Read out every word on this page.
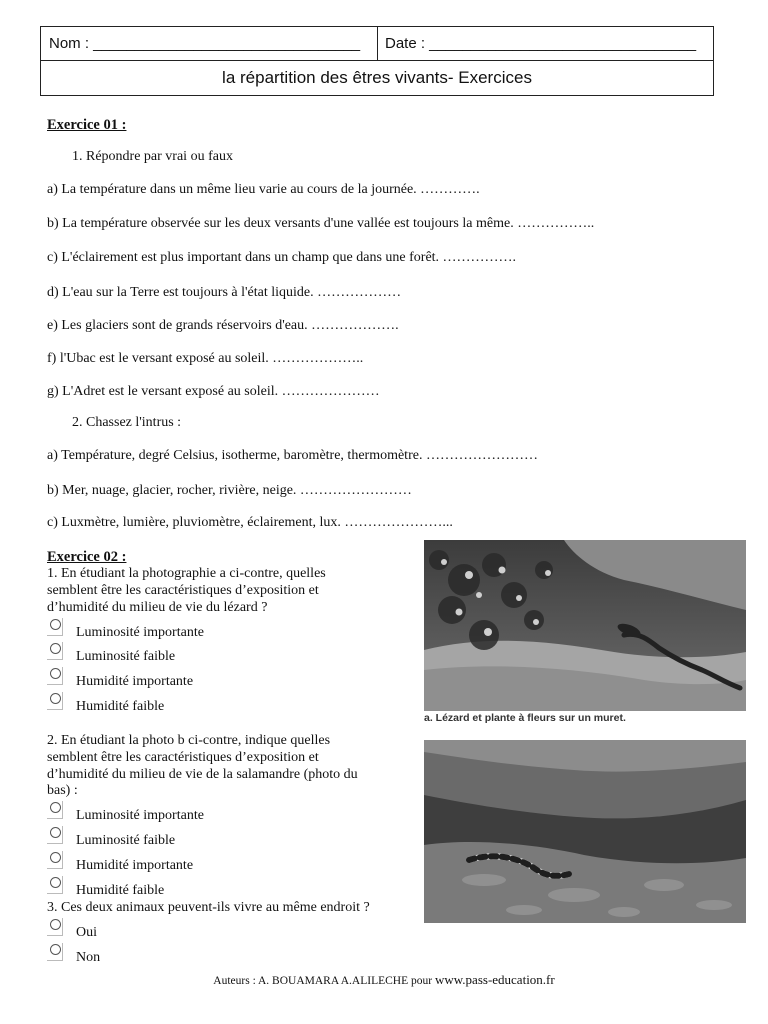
Nom : ________________________________ Date : ________________________________
la répartition des êtres vivants- Exercices
Exercice 01 :
1. Répondre par vrai ou faux
a) La température dans un même lieu varie au cours de la journée. ………….
b) La température observée sur les deux versants d'une vallée est toujours la même. ……………..
c) L'éclairement est plus important dans un champ que dans une forêt. …………….
d) L'eau sur la Terre est toujours à l'état liquide. ………………
e) Les glaciers sont de grands réservoirs d'eau. ……………….
f) l'Ubac est le versant exposé au soleil. ………………..
g) L'Adret est le versant exposé au soleil. …………………
2. Chassez l'intrus :
a) Température, degré Celsius, isotherme, baromètre, thermomètre. ……………………
b) Mer, nuage, glacier, rocher, rivière, neige. ……………………
c) Luxmètre, lumière, pluviomètre, éclairement, lux. …………………...
Exercice 02 :
1. En étudiant la photographie a ci-contre, quelles
semblent être les caractéristiques d’exposition et
d’humidité du milieu de vie du lézard ?
Luminosité importante
Luminosité faible
Humidité importante
Humidité faible
2. En étudiant la photo b ci-contre, indique quelles
semblent être les caractéristiques d’exposition et
d’humidité du milieu de vie de la salamandre (photo du
bas) :
Luminosité importante
Luminosité faible
Humidité importante
Humidité faible
3. Ces deux animaux peuvent-ils vivre au même endroit ?
Oui
Non
a. Lézard et plante à fleurs sur un muret.
Auteurs : A. BOUAMARA A.ALILECHE pour www.pass-education.fr
